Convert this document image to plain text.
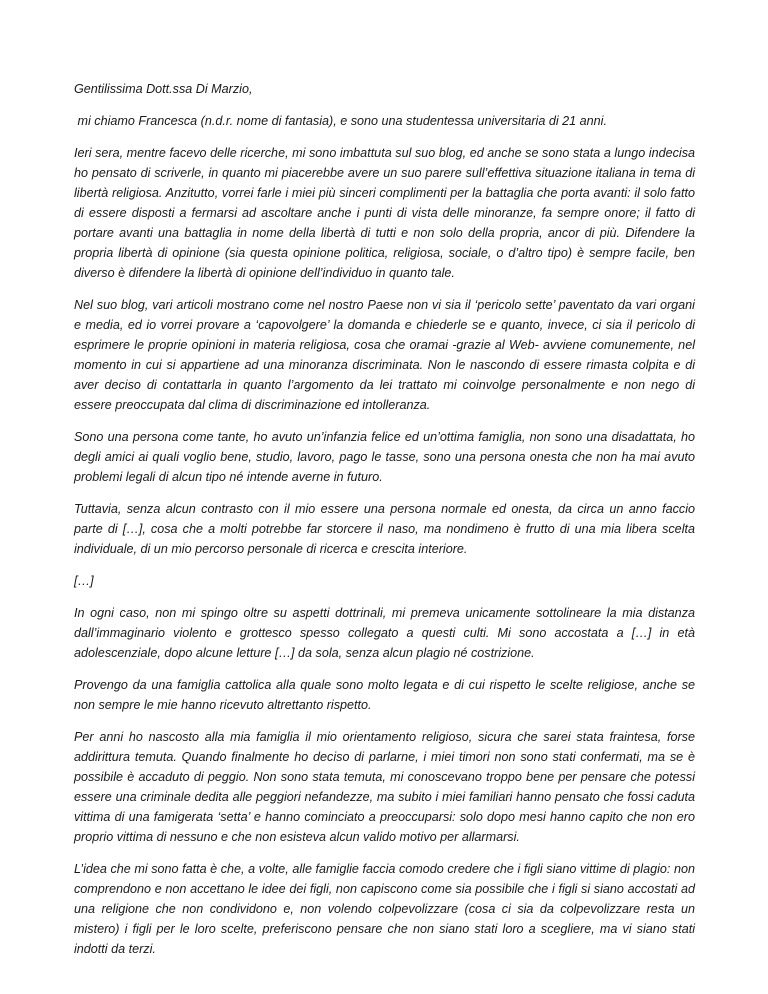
Gentilissima Dott.ssa Di Marzio,

mi chiamo Francesca (n.d.r. nome di fantasia), e sono una studentessa universitaria di 21 anni.

Ieri sera, mentre facevo delle ricerche, mi sono imbattuta sul suo blog, ed anche se sono stata a lungo indecisa ho pensato di scriverle, in quanto mi piacerebbe avere un suo parere sull’effettiva situazione italiana in tema di libertà religiosa. Anzitutto, vorrei farle i miei più sinceri complimenti per la battaglia che porta avanti: il solo fatto di essere disposti a fermarsi ad ascoltare anche i punti di vista delle minoranze, fa sempre onore; il fatto di portare avanti una battaglia in nome della libertà di tutti e non solo della propria, ancor di più. Difendere la propria libertà di opinione (sia questa opinione politica, religiosa, sociale, o d’altro tipo) è sempre facile, ben diverso è difendere la libertà di opinione dell’individuo in quanto tale.

Nel suo blog, vari articoli mostrano come nel nostro Paese non vi sia il ‘pericolo sette’ paventato da vari organi e media, ed io vorrei provare a ‘capovolgere’ la domanda e chiederle se e quanto, invece, ci sia il pericolo di esprimere le proprie opinioni in materia religiosa, cosa che oramai -grazie al Web- avviene comunemente, nel momento in cui si appartiene ad una minoranza discriminata. Non le nascondo di essere rimasta colpita e di aver deciso di contattarla in quanto l’argomento da lei trattato mi coinvolge personalmente e non nego di essere preoccupata dal clima di discriminazione ed intolleranza.

Sono una persona come tante, ho avuto un’infanzia felice ed un’ottima famiglia, non sono una disadattata, ho degli amici ai quali voglio bene, studio, lavoro, pago le tasse, sono una persona onesta che non ha mai avuto problemi legali di alcun tipo né intende averne in futuro.

Tuttavia, senza alcun contrasto con il mio essere una persona normale ed onesta, da circa un anno faccio parte di […], cosa che a molti potrebbe far storcere il naso, ma nondimeno è frutto di una mia libera scelta individuale, di un mio percorso personale di ricerca e crescita interiore.

[…]

In ogni caso, non mi spingo oltre su aspetti dottrinali, mi premeva unicamente sottolineare la mia distanza dall’immaginario violento e grottesco spesso collegato a questi culti. Mi sono accostata a […] in età adolescenziale, dopo alcune letture […] da sola, senza alcun plagio né costrizione.

Provengo da una famiglia cattolica alla quale sono molto legata e di cui rispetto le scelte religiose, anche se non sempre le mie hanno ricevuto altrettanto rispetto.

Per anni ho nascosto alla mia famiglia il mio orientamento religioso, sicura che sarei stata fraintesa, forse addirittura temuta. Quando finalmente ho deciso di parlarne, i miei timori non sono stati confermati, ma se è possibile è accaduto di peggio. Non sono stata temuta, mi conoscevano troppo bene per pensare che potessi essere una criminale dedita alle peggiori nefandezze, ma subito i miei familiari hanno pensato che fossi caduta vittima di una famigerata ‘setta’ e hanno cominciato a preoccuparsi: solo dopo mesi hanno capito che non ero proprio vittima di nessuno e che non esisteva alcun valido motivo per allarmarsi.

L’idea che mi sono fatta è che, a volte, alle famiglie faccia comodo credere che i figli siano vittime di plagio: non comprendono e non accettano le idee dei figli, non capiscono come sia possibile che i figli si siano accostati ad una religione che non condividono e, non volendo colpevolizzare (cosa ci sia da colpevolizzare resta un mistero) i figli per le loro scelte, preferiscono pensare che non siano stati loro a scegliere, ma vi siano stati indotti da terzi.
